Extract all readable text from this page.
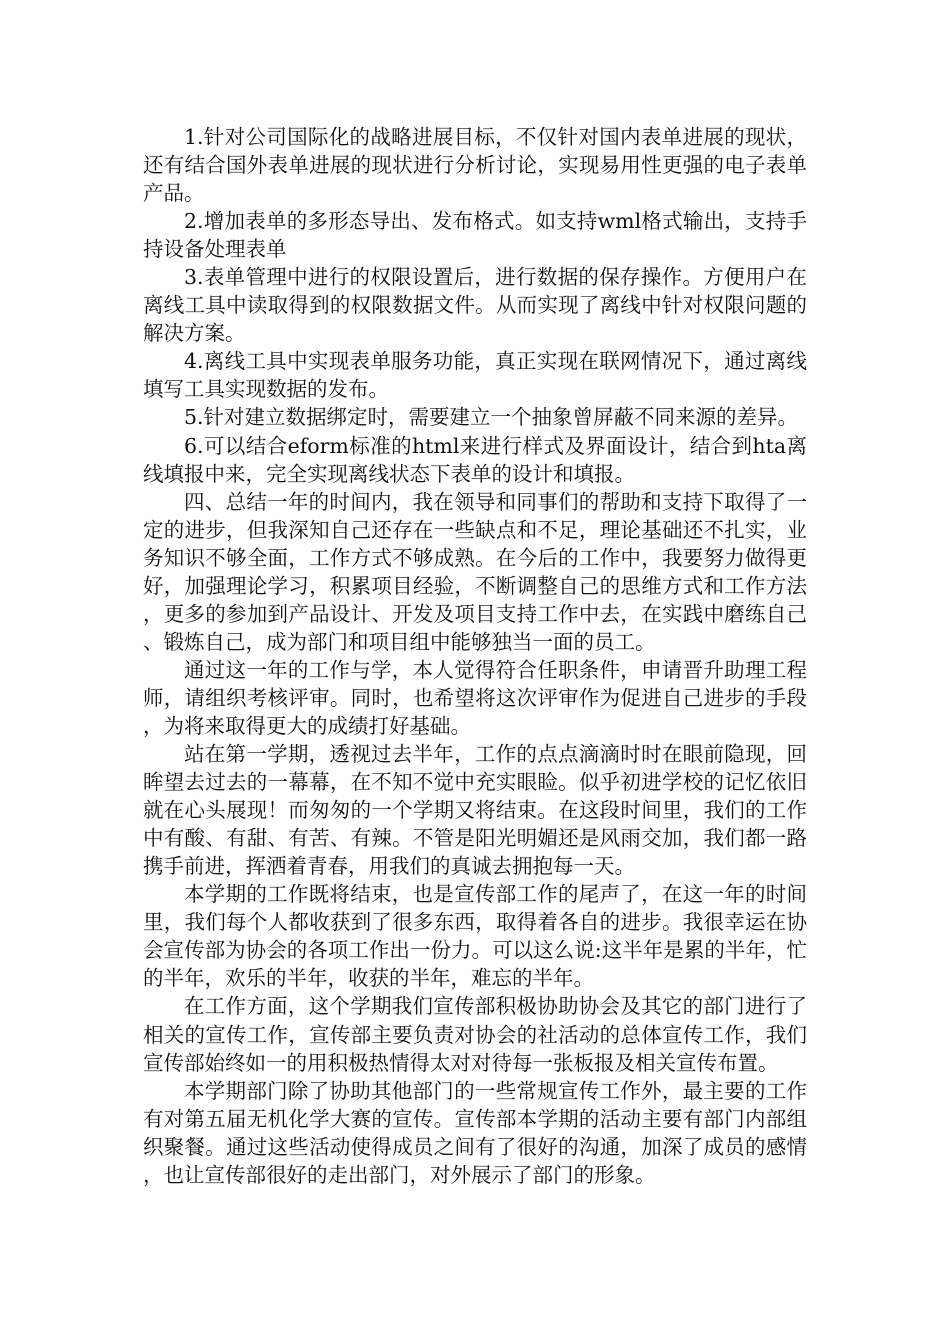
1.针对公司国际化的战略进展目标，不仅针对国内表单进展的现状，还有结合国外表单进展的现状进行分析讨论，实现易用性更强的电子表单产品。

2.增加表单的多形态导出、发布格式。如支持wml格式输出，支持手持设备处理表单

3.表单管理中进行的权限设置后，进行数据的保存操作。方便用户在离线工具中读取得到的权限数据文件。从而实现了离线中针对权限问题的解决方案。

4.离线工具中实现表单服务功能，真正实现在联网情况下，通过离线填写工具实现数据的发布。

5.针对建立数据绑定时，需要建立一个抽象曾屏蔽不同来源的差异。

6.可以结合eform标准的html来进行样式及界面设计，结合到hta离线填报中来，完全实现离线状态下表单的设计和填报。

四、总结一年的时间内，我在领导和同事们的帮助和支持下取得了一定的进步，但我深知自己还存在一些缺点和不足，理论基础还不扎实，业务知识不够全面，工作方式不够成熟。在今后的工作中，我要努力做得更好，加强理论学习，积累项目经验，不断调整自己的思维方式和工作方法，更多的参加到产品设计、开发及项目支持工作中去，在实践中磨练自己、锻炼自己，成为部门和项目组中能够独当一面的员工。

通过这一年的工作与学，本人觉得符合任职条件，申请晋升助理工程师，请组织考核评审。同时，也希望将这次评审作为促进自己进步的手段，为将来取得更大的成绩打好基础。

站在第一学期，透视过去半年，工作的点点滴滴时时在眼前隐现，回眸望去过去的一幕幕，在不知不觉中充实眼睑。似乎初进学校的记忆依旧就在心头展现！而匆匆的一个学期又将结束。在这段时间里，我们的工作中有酸、有甜、有苦、有辣。不管是阳光明媚还是风雨交加，我们都一路携手前进，挥洒着青春，用我们的真诚去拥抱每一天。

本学期的工作既将结束，也是宣传部工作的尾声了，在这一年的时间里，我们每个人都收获到了很多东西，取得着各自的进步。我很幸运在协会宣传部为协会的各项工作出一份力。可以这么说:这半年是累的半年，忙的半年，欢乐的半年，收获的半年，难忘的半年。

在工作方面，这个学期我们宣传部积极协助协会及其它的部门进行了相关的宣传工作，宣传部主要负责对协会的社活动的总体宣传工作，我们宣传部始终如一的用积极热情得太对对待每一张板报及相关宣传布置。

本学期部门除了协助其他部门的一些常规宣传工作外，最主要的工作有对第五届无机化学大赛的宣传。宣传部本学期的活动主要有部门内部组织聚餐。通过这些活动使得成员之间有了很好的沟通，加深了成员的感情，也让宣传部很好的走出部门，对外展示了部门的形象。
